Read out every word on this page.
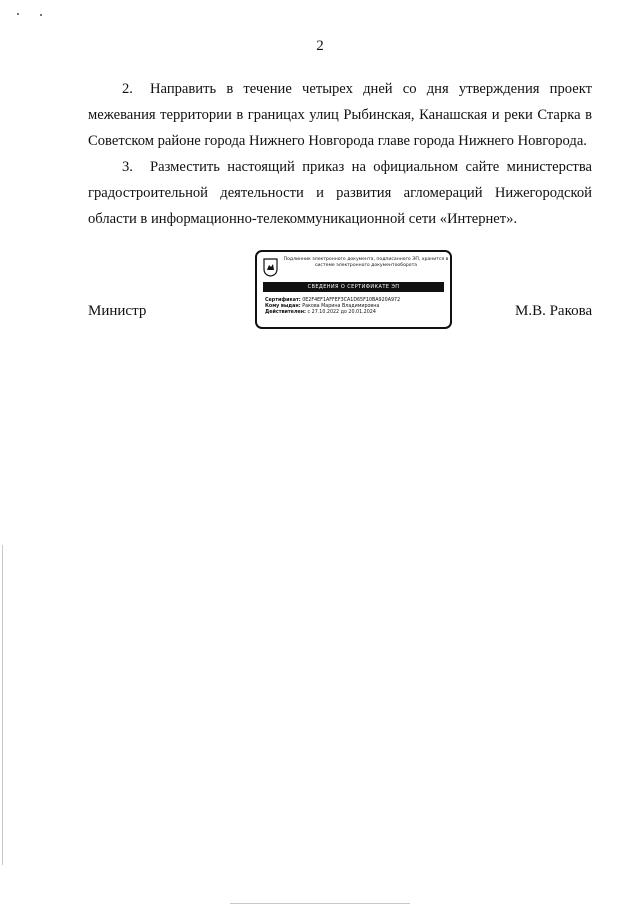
2
2. Направить в течение четырех дней со дня утверждения проект межевания территории в границах улиц Рыбинская, Канашская и реки Старка в Советском районе города Нижнего Новгорода главе города Нижнего Новгорода.
3. Разместить настоящий приказ на официальном сайте министерства градостроительной деятельности и развития агломераций Нижегородской области в информационно-телекоммуникационной сети «Интернет».
Министр
Подлинник электронного документа, подписанного ЭП, хранится в системе электронного документооборота
СВЕДЕНИЯ О СЕРТИФИКАТЕ ЭП
Сертификат: 0E2F4EF1AFFEF3CA1D65F10BA920A972
Кому выдан: Ракова Марина Владимировна
Действителен: с 27.10.2022 до 20.01.2024	М.В. Ракова
